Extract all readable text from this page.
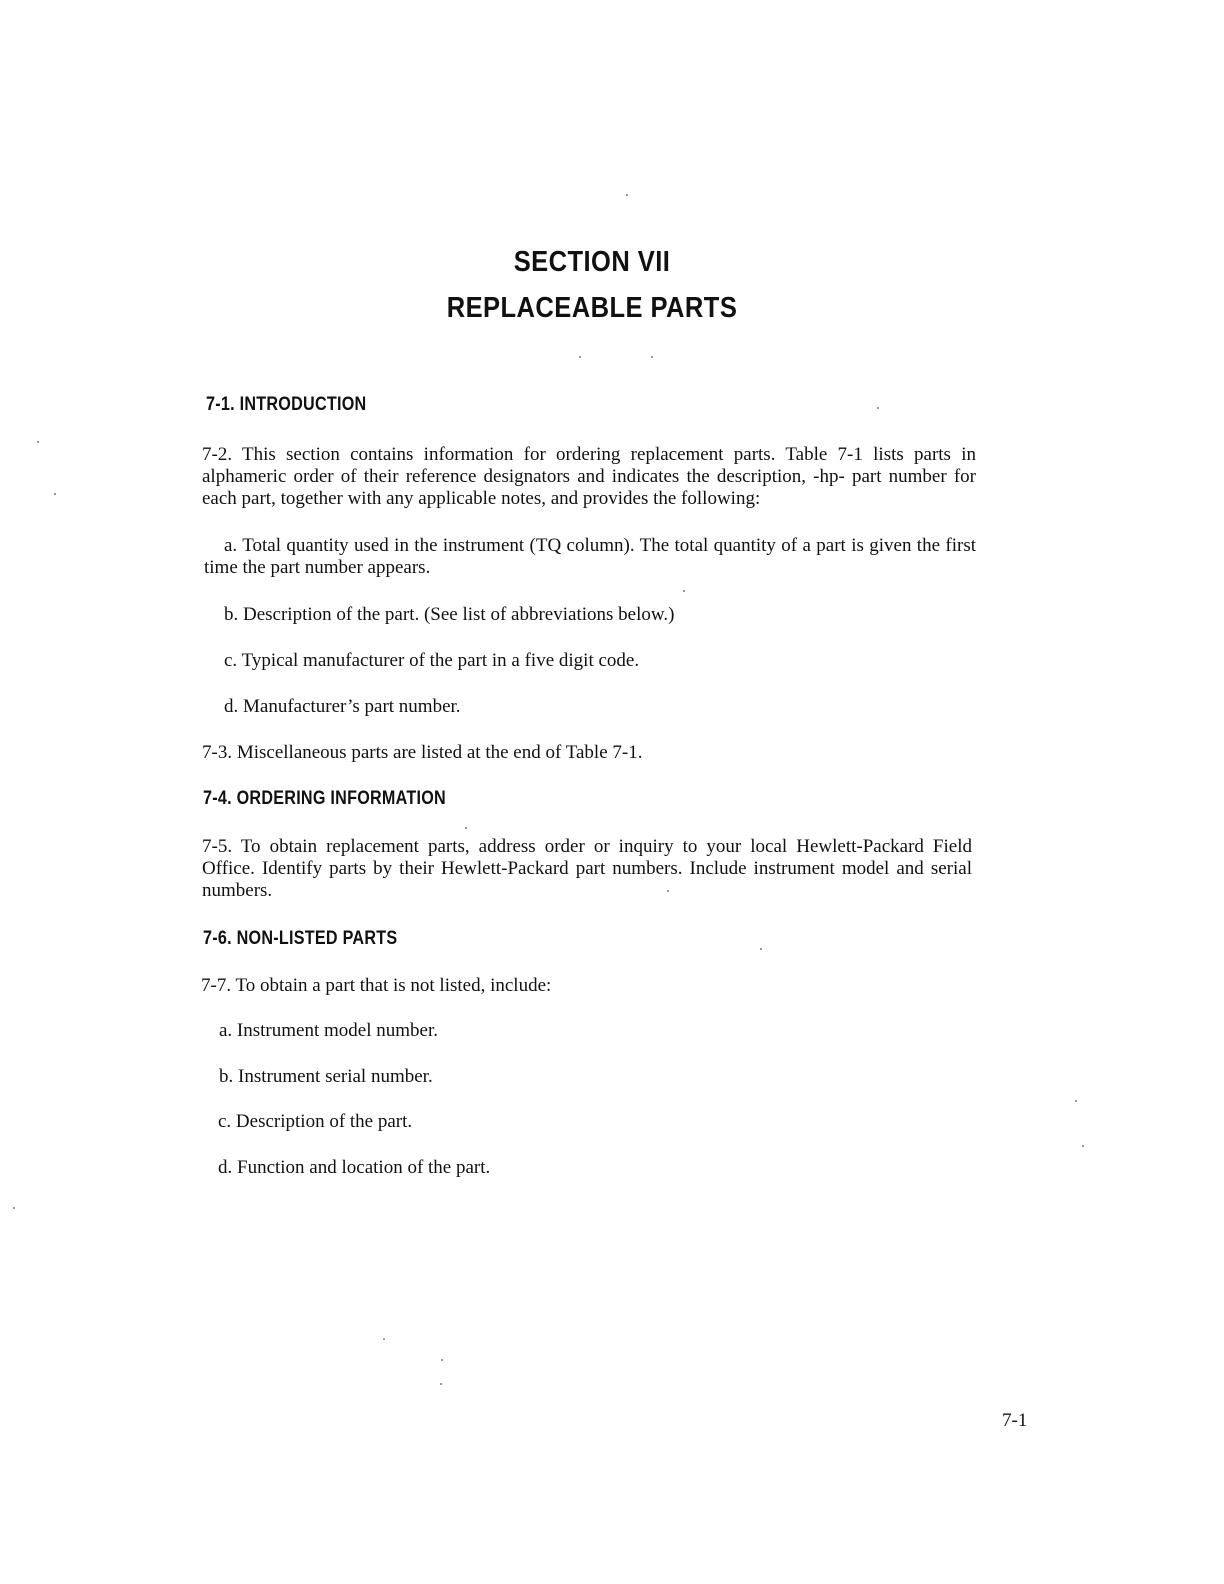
SECTION VII
REPLACEABLE PARTS
7-1. INTRODUCTION
7-2. This section contains information for ordering replacement parts. Table 7-1 lists parts in alphameric order of their reference designators and indicates the description, -hp- part number for each part, together with any applicable notes, and provides the following:
a. Total quantity used in the instrument (TQ column). The total quantity of a part is given the first time the part number appears.
b. Description of the part. (See list of abbreviations below.)
c. Typical manufacturer of the part in a five digit code.
d. Manufacturer’s part number.
7-3. Miscellaneous parts are listed at the end of Table 7-1.
7-4. ORDERING INFORMATION
7-5. To obtain replacement parts, address order or inquiry to your local Hewlett-Packard Field Office. Identify parts by their Hewlett-Packard part numbers. Include instrument model and serial numbers.
7-6. NON-LISTED PARTS
7-7. To obtain a part that is not listed, include:
a. Instrument model number.
b. Instrument serial number.
c. Description of the part.
d. Function and location of the part.
7-1
